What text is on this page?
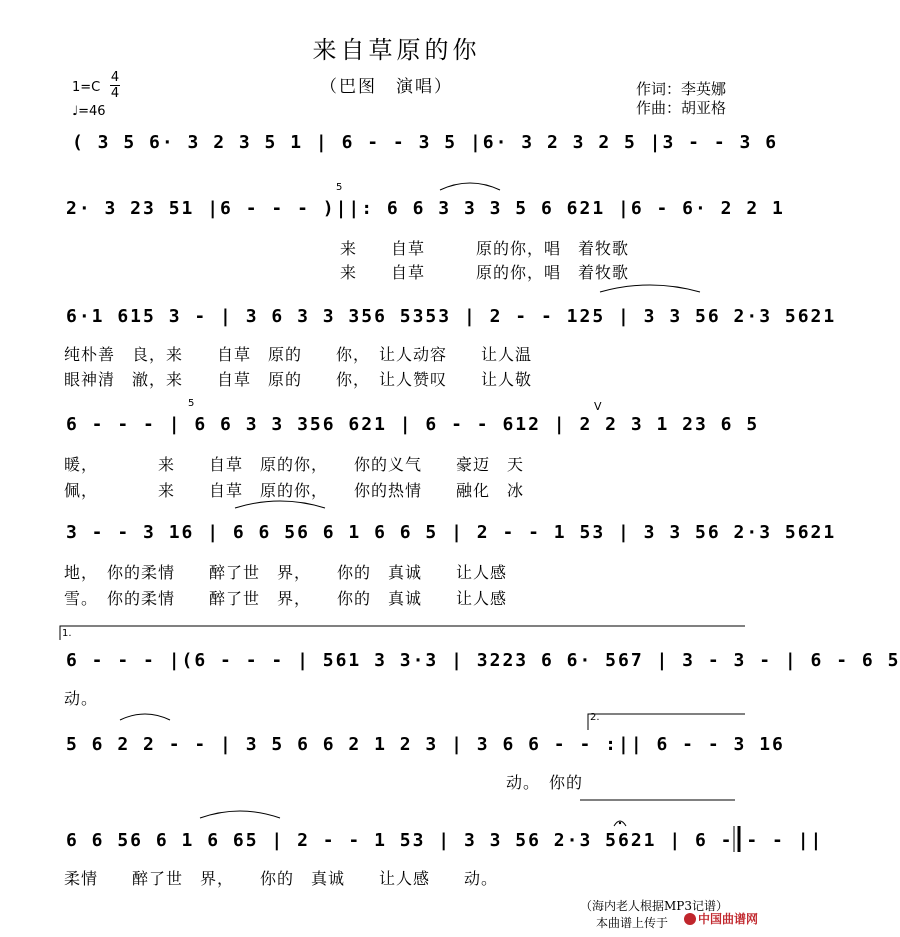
来自草原的你
（巴图　演唱）	作词：李英娜
作曲：胡亚格
1=C
4
4
♩=46
( 3 5 6· 3 2 3 5 1 | 6 - - 3 5 |6· 3 2 3 2 5 |3 - - 3 6
2· 3 23 51 |6 - - - )||: 6 6 3 3 3 5 6 621 |6 - 6· 2 2 1
来　　自草　　　原的你，唱　着牧歌
来　　自草　　　原的你，唱　着牧歌
6·1 615 3 - | 3 6 3 3 356 5353 | 2 - - 125 | 3 3 56 2·3 5621
纯朴善　良，来　　自草　原的　　你，　让人动容　　让人温
眼神清　澈，来　　自草　原的　　你，　让人赞叹　　让人敬
6 - - - | 6 6 3 3 356 621 | 6 - - 612 | 2 2 3 1 23 6 5
暖，　　　　来　　自草　原的你，　　你的义气　　豪迈　天
佩，　　　　来　　自草　原的你，　　你的热情　　融化　冰
3 - - 3 16 | 6 6 56 6 1 6 6 5 | 2 - - 1 53 | 3 3 56 2·3 5621
地，　你的柔情　　醉了世　界，　　你的　真诚　　让人感
雪。　你的柔情　　醉了世　界，　　你的　真诚　　让人感
6 - - - |(6 - - - | 561 3 3·3 | 3223 6 6· 567 | 3 - 3 - | 6 - 6 5
动。
5 6 2 2 - - | 3 5 6 6 2 1 2 3 | 3 6 6 - - :|| 6 - - 3 16
　　　　　　　　　　　　　　　　　　　　　　　　　　动。　你的
6 6 56 6 1 6 65 | 2 - - 1 53 | 3 3 56 2·3 5621 | 6 - - - ||
柔情　　醉了世　界，　　你的　真诚　　让人感　　动。
5
5	V
1.
2.
（海内老人根据MP3记谱）
本曲谱上传于	中国曲谱网
